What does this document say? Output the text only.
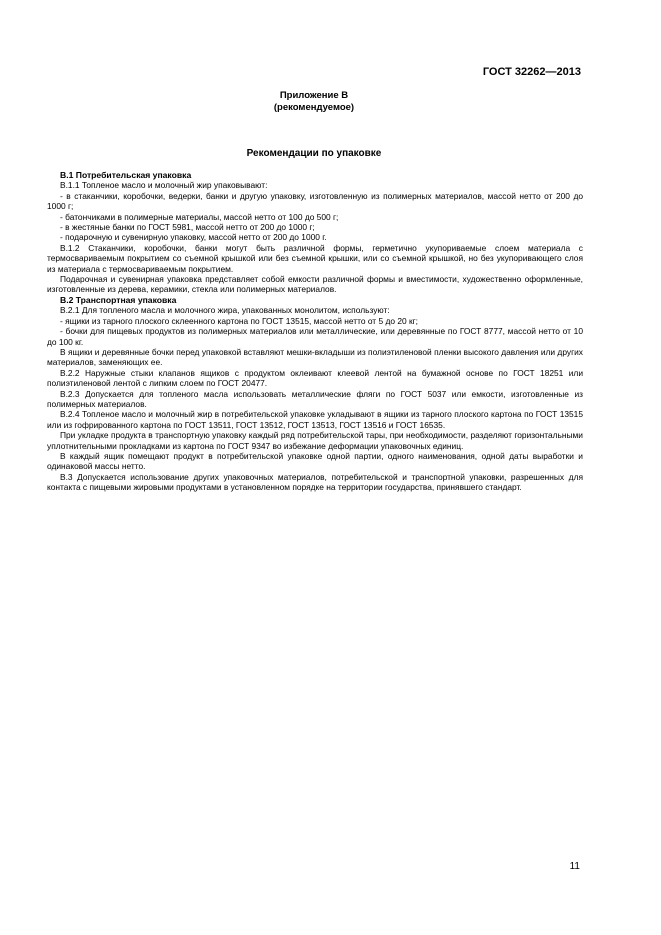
ГОСТ 32262—2013
Приложение В
(рекомендуемое)
Рекомендации по упаковке
В.1 Потребительская упаковка

В.1.1 Топленое масло и молочный жир упаковывают:

- в стаканчики, коробочки, ведерки, банки и другую упаковку, изготовленную из полимерных материалов, массой нетто от 200 до 1000 г;

- батончиками в полимерные материалы, массой нетто от 100 до 500 г;

- в жестяные банки по ГОСТ 5981, массой нетто от 200 до 1000 г;

- подарочную и сувенирную упаковку, массой нетто от 200 до 1000 г.

В.1.2 Стаканчики, коробочки, банки могут быть различной формы, герметично укупориваемые слоем материала с термосвариваемым покрытием со съемной крышкой или без съемной крышки, или со съемной крышкой, но без укупоривающего слоя из материала с термосвариваемым покрытием.

Подарочная и сувенирная упаковка представляет собой емкости различной формы и вместимости, художественно оформленные, изготовленные из дерева, керамики, стекла или полимерных материалов.

В.2 Транспортная упаковка

В.2.1 Для топленого масла и молочного жира, упакованных монолитом, используют:

- ящики из тарного плоского склеенного картона по ГОСТ 13515, массой нетто от 5 до 20 кг;

- бочки для пищевых продуктов из полимерных материалов или металлические, или деревянные по ГОСТ 8777, массой нетто от 10 до 100 кг.

В ящики и деревянные бочки перед упаковкой вставляют мешки-вкладыши из полиэтиленовой пленки высокого давления или других материалов, заменяющих ее.

В.2.2 Наружные стыки клапанов ящиков с продуктом оклеивают клеевой лентой на бумажной основе по ГОСТ 18251 или полиэтиленовой лентой с липким слоем по ГОСТ 20477.

В.2.3 Допускается для топленого масла использовать металлические фляги по ГОСТ 5037 или емкости, изготовленные из полимерных материалов.

В.2.4 Топленое масло и молочный жир в потребительской упаковке укладывают в ящики из тарного плоского картона по ГОСТ 13515 или из гофрированного картона по ГОСТ 13511, ГОСТ 13512, ГОСТ 13513, ГОСТ 13516 и ГОСТ 16535.

При укладке продукта в транспортную упаковку каждый ряд потребительской тары, при необходимости, разделяют горизонтальными уплотнительными прокладками из картона по ГОСТ 9347 во избежание деформации упаковочных единиц.

В каждый ящик помещают продукт в потребительской упаковке одной партии, одного наименования, одной даты выработки и одинаковой массы нетто.

В.3 Допускается использование других упаковочных материалов, потребительской и транспортной упаковки, разрешенных для контакта с пищевыми жировыми продуктами в установленном порядке на территории государства, принявшего стандарт.

11
